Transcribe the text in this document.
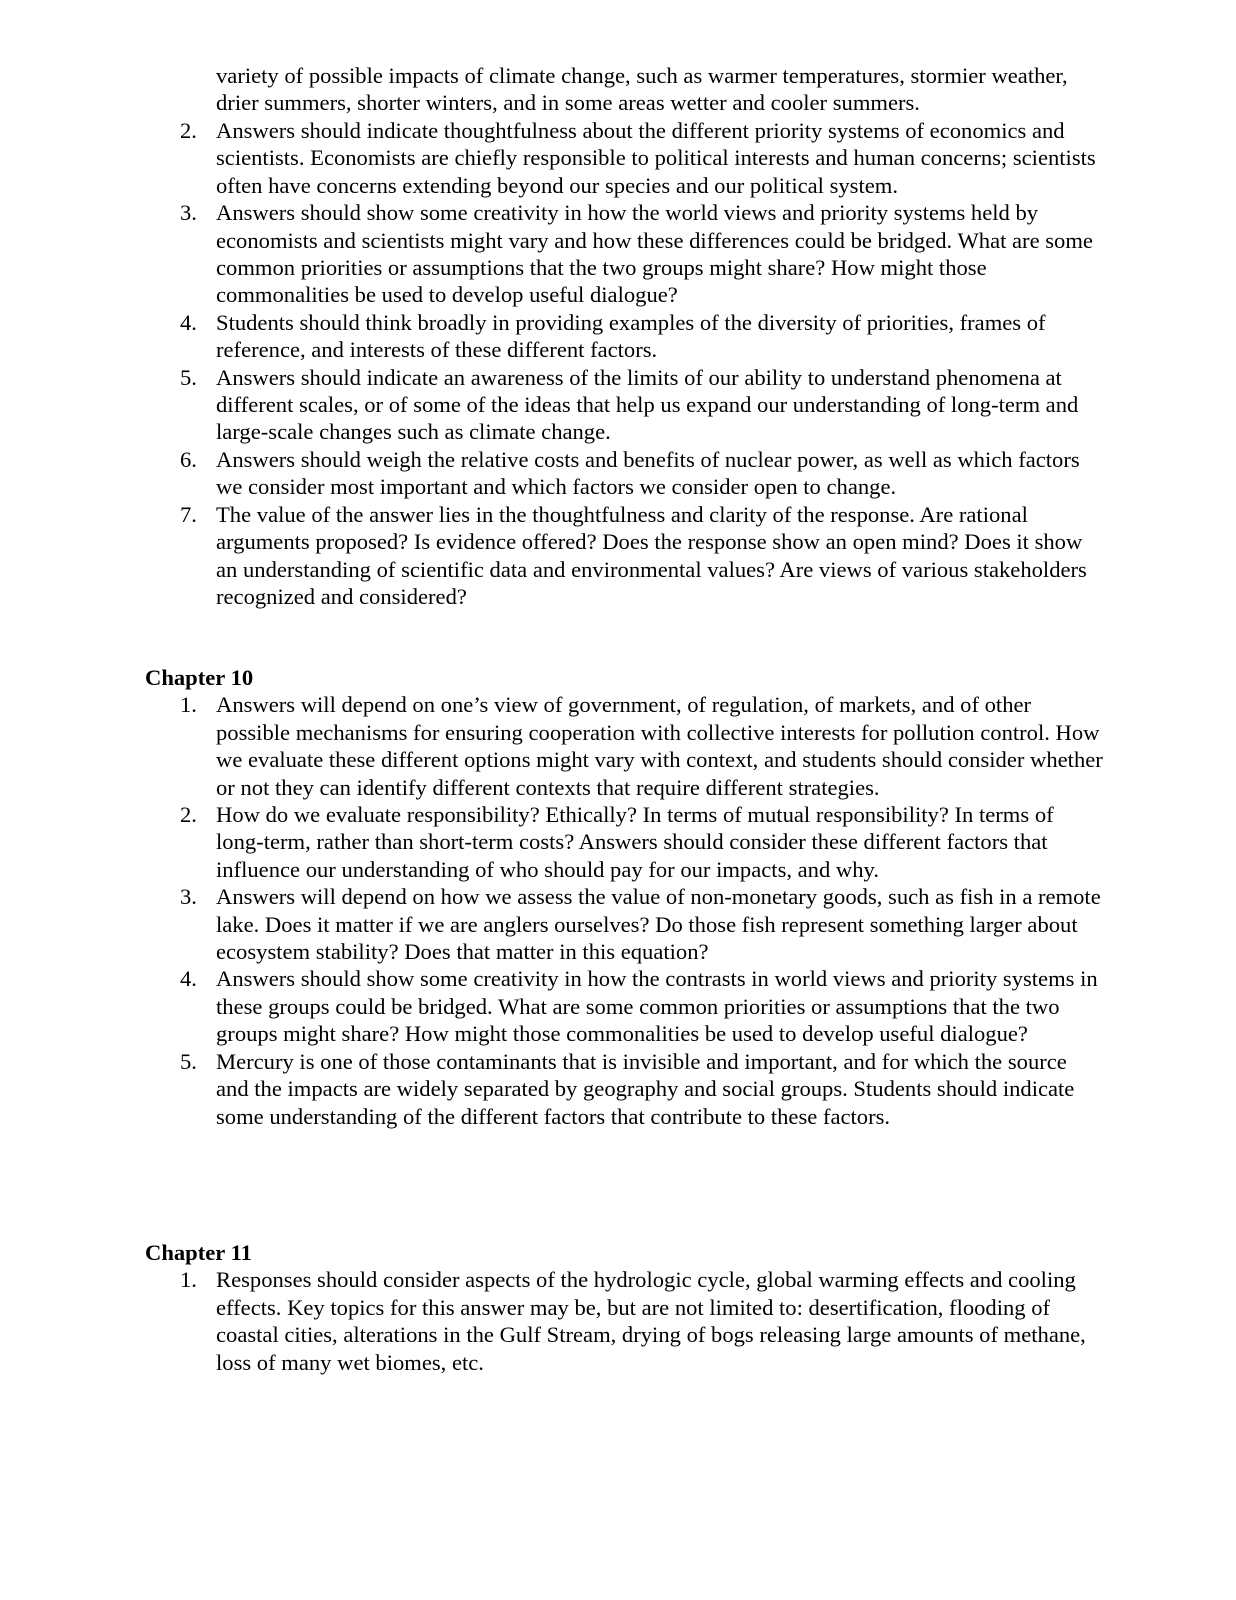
variety of possible impacts of climate change, such as warmer temperatures, stormier weather, drier summers, shorter winters, and in some areas wetter and cooler summers.

2. Answers should indicate thoughtfulness about the different priority systems of economics and scientists. Economists are chiefly responsible to political interests and human concerns; scientists often have concerns extending beyond our species and our political system.
3. Answers should show some creativity in how the world views and priority systems held by economists and scientists might vary and how these differences could be bridged. What are some common priorities or assumptions that the two groups might share? How might those commonalities be used to develop useful dialogue?
4. Students should think broadly in providing examples of the diversity of priorities, frames of reference, and interests of these different factors.
5. Answers should indicate an awareness of the limits of our ability to understand phenomena at different scales, or of some of the ideas that help us expand our understanding of long-term and large-scale changes such as climate change.
6. Answers should weigh the relative costs and benefits of nuclear power, as well as which factors we consider most important and which factors we consider open to change.
7. The value of the answer lies in the thoughtfulness and clarity of the response. Are rational arguments proposed? Is evidence offered? Does the response show an open mind? Does it show an understanding of scientific data and environmental values? Are views of various stakeholders recognized and considered?
Chapter 10
1. Answers will depend on one’s view of government, of regulation, of markets, and of other possible mechanisms for ensuring cooperation with collective interests for pollution control. How we evaluate these different options might vary with context, and students should consider whether or not they can identify different contexts that require different strategies.
2. How do we evaluate responsibility? Ethically? In terms of mutual responsibility? In terms of long-term, rather than short-term costs? Answers should consider these different factors that influence our understanding of who should pay for our impacts, and why.
3. Answers will depend on how we assess the value of non-monetary goods, such as fish in a remote lake. Does it matter if we are anglers ourselves? Do those fish represent something larger about ecosystem stability? Does that matter in this equation?
4. Answers should show some creativity in how the contrasts in world views and priority systems in these groups could be bridged. What are some common priorities or assumptions that the two groups might share? How might those commonalities be used to develop useful dialogue?
5. Mercury is one of those contaminants that is invisible and important, and for which the source and the impacts are widely separated by geography and social groups. Students should indicate some understanding of the different factors that contribute to these factors.
Chapter 11
1. Responses should consider aspects of the hydrologic cycle, global warming effects and cooling effects. Key topics for this answer may be, but are not limited to: desertification, flooding of coastal cities, alterations in the Gulf Stream, drying of bogs releasing large amounts of methane, loss of many wet biomes, etc.
